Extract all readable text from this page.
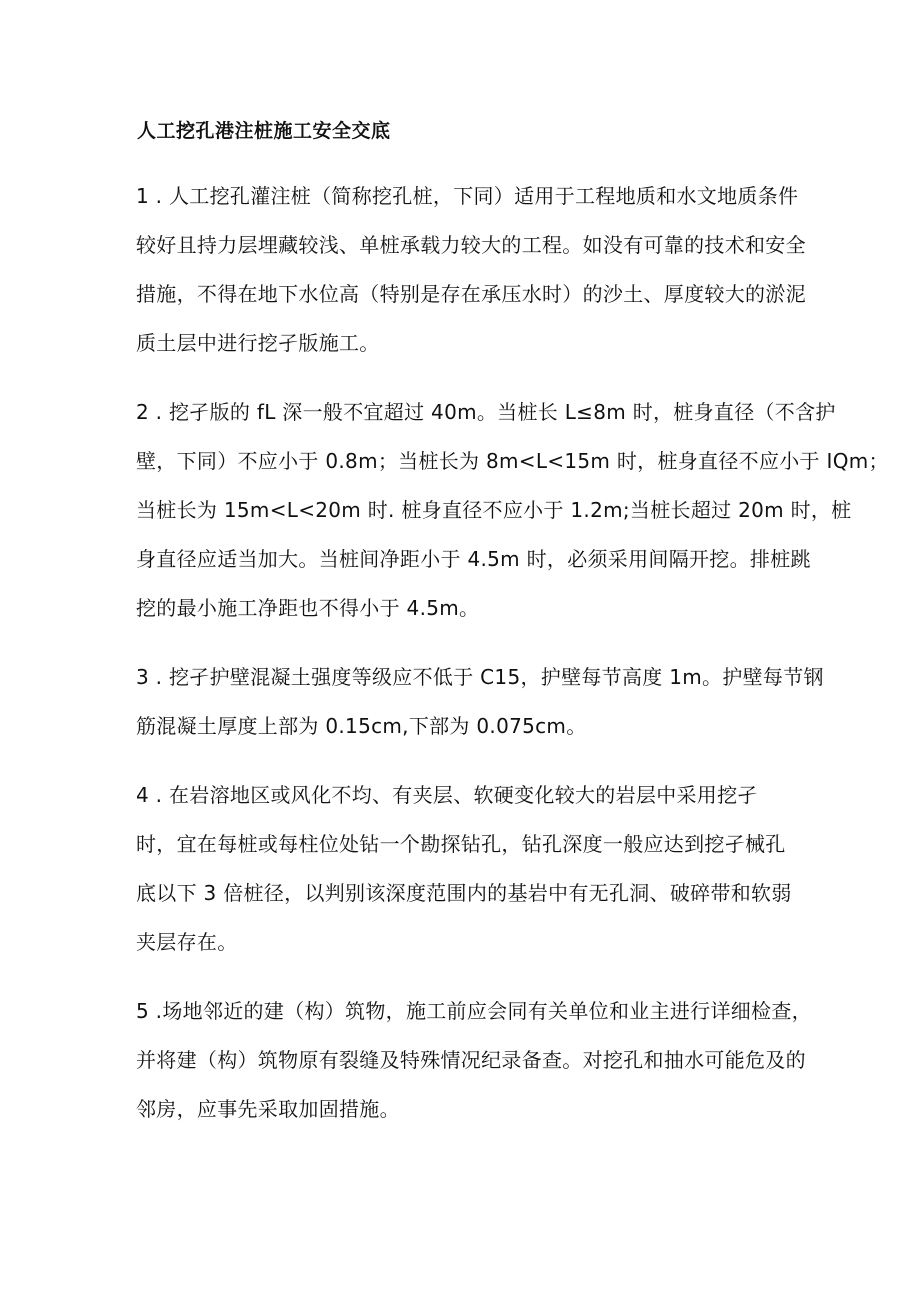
人工挖孔港注桩施工安全交底
1 . 人工挖孔灌注桩（简称挖孔桩，下同）适用于工程地质和水文地质条件
较好且持力层埋藏较浅、单桩承载力较大的工程。如没有可靠的技术和安全
措施，不得在地下水位高（特别是存在承压水时）的沙土、厚度较大的淤泥
质土层中进行挖孑版施工。
2 . 挖孑版的 fL 深一般不宜超过 40m。当桩长 L≤8m 时，桩身直径（不含护
壁，下同）不应小于 0.8m；当桩长为 8m<L<15m 时，桩身直径不应小于 IQm；
当桩长为 15m<L<20m 时. 桩身直径不应小于 1.2m;当桩长超过 20m 时，桩
身直径应适当加大。当桩间净距小于 4.5m 时，必须采用间隔开挖。排桩跳
挖的最小施工净距也不得小于 4.5m。
3 . 挖孑护壁混凝土强度等级应不低于 C15，护壁每节高度 1m。护壁每节钢
筋混凝土厚度上部为 0.15cm,下部为 0.075cm。
4 . 在岩溶地区或风化不均、有夹层、软硬变化较大的岩层中采用挖孑
时，宜在每桩或每柱位处钻一个勘探钻孔，钻孔深度一般应达到挖孑械孔
底以下 3 倍桩径，以判别该深度范围内的基岩中有无孔洞、破碎带和软弱
夹层存在。
5 .场地邻近的建（构）筑物，施工前应会同有关单位和业主进行详细检查，
并将建（构）筑物原有裂缝及特殊情况纪录备查。对挖孔和抽水可能危及的
邻房，应事先采取加固措施。
